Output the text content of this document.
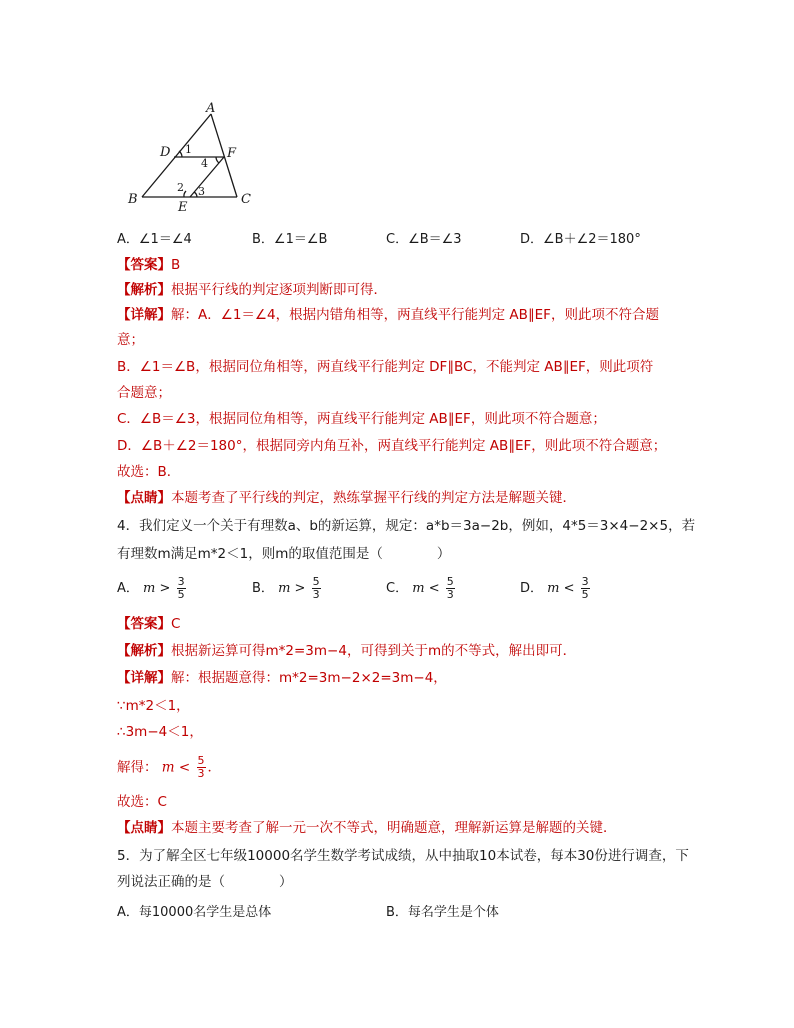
A
D	F
B
E
C
1
4
2 3
A．∠1＝∠4	B．∠1＝∠B	C．∠B＝∠3	D．∠B＋∠2＝180°
【答案】B
【解析】根据平行线的判定逐项判断即可得．
【详解】解：A．∠1＝∠4，根据内错角相等，两直线平行能判定 AB∥EF，则此项不符合题
意；
B．∠1＝∠B，根据同位角相等，两直线平行能判定 DF∥BC，不能判定 AB∥EF，则此项符
合题意；
C．∠B＝∠3，根据同位角相等，两直线平行能判定 AB∥EF，则此项不符合题意；
D．∠B＋∠2＝180°，根据同旁内角互补，两直线平行能判定 AB∥EF，则此项不符合题意；
故选：B．
【点睛】本题考查了平行线的判定，熟练掌握平行线的判定方法是解题关键．
4．我们定义一个关于有理数a、b的新运算，规定：a*b＝3a−2b，例如，4*5＝3×4−2×5，若
有理数m满足m*2＜1，则m的取值范围是（　　　　）
A． $m > \frac{3}{5}$	B． $m > \frac{5}{3}$	C． $m < \frac{5}{3}$	D． $m < \frac{3}{5}$
【答案】C
【解析】根据新运算可得m*2=3m−4，可得到关于m的不等式，解出即可．
【详解】解：根据题意得：m*2=3m−2×2=3m−4，
∵m*2＜1，
∴3m−4＜1，
解得： $m < \frac{5}{3}$ ．
故选：C
【点睛】本题主要考查了解一元一次不等式，明确题意，理解新运算是解题的关键．
5．为了解全区七年级10000名学生数学考试成绩，从中抽取10本试卷，每本30份进行调查，下
列说法正确的是（　　　　）
A．每10000名学生是总体	B．每名学生是个体
